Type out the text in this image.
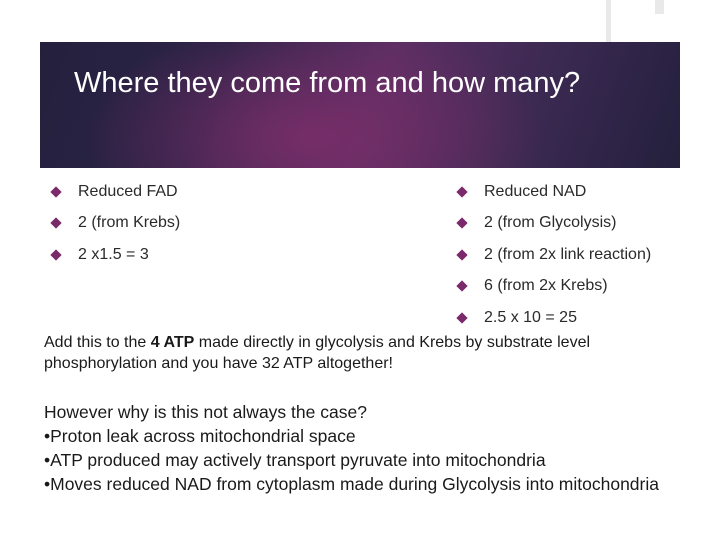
Where they come from and how many?
Reduced FAD
2 (from Krebs)
2 x1.5 = 3
Reduced NAD
2 (from Glycolysis)
2 (from 2x link reaction)
6 (from 2x Krebs)
2.5 x 10 = 25

Add this to the 4 ATP made directly in glycolysis and Krebs by substrate level phosphorylation and you have 32 ATP altogether!

However why is this not always the case?
•Proton leak across mitochondrial space
•ATP produced may actively transport pyruvate into mitochondria
•Moves reduced NAD from cytoplasm made during Glycolysis into mitochondria
